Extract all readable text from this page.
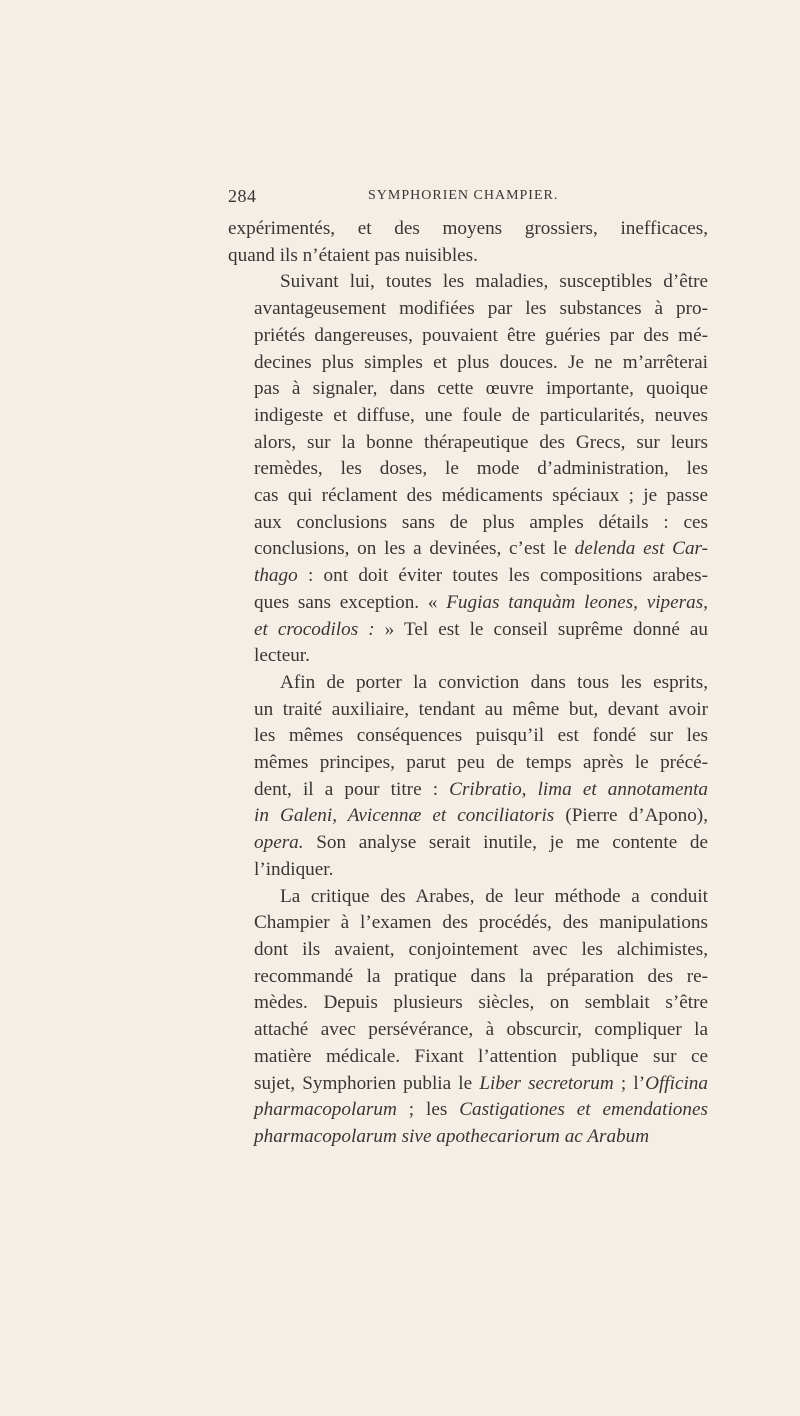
284	SYMPHORIEN CHAMPIER.
expérimentés, et des moyens grossiers, inefficaces,
quand ils n’étaient pas nuisibles.
Suivant lui, toutes les maladies, susceptibles d’être
avantageusement modifiées par les substances à pro-
priétés dangereuses, pouvaient être guéries par des mé-
decines plus simples et plus douces. Je ne m’arrêterai
pas à signaler, dans cette œuvre importante, quoique
indigeste et diffuse, une foule de particularités, neuves
alors, sur la bonne thérapeutique des Grecs, sur leurs
remèdes, les doses, le mode d’administration, les
cas qui réclament des médicaments spéciaux ; je passe
aux conclusions sans de plus amples détails : ces
conclusions, on les a devinées, c’est le delenda est Car-
thago : ont doit éviter toutes les compositions arabes-
ques sans exception. « Fugias tanquàm leones, viperas,
et crocodilos : » Tel est le conseil suprême donné au
lecteur.
Afin de porter la conviction dans tous les esprits,
un traité auxiliaire, tendant au même but, devant avoir
les mêmes conséquences puisqu’il est fondé sur les
mêmes principes, parut peu de temps après le précé-
dent, il a pour titre : Cribratio, lima et annotamenta
in Galeni, Avicennæ et conciliatoris (Pierre d’Apono),
opera. Son analyse serait inutile, je me contente de
l’indiquer.
La critique des Arabes, de leur méthode a conduit
Champier à l’examen des procédés, des manipulations
dont ils avaient, conjointement avec les alchimistes,
recommandé la pratique dans la préparation des re-
mèdes. Depuis plusieurs siècles, on semblait s’être
attaché avec persévérance, à obscurcir, compliquer la
matière médicale. Fixant l’attention publique sur ce
sujet, Symphorien publia le Liber secretorum ; l’Officina
pharmacopolarum ; les Castigationes et emendationes
pharmacopolarum sive apothecariorum ac Arabum
